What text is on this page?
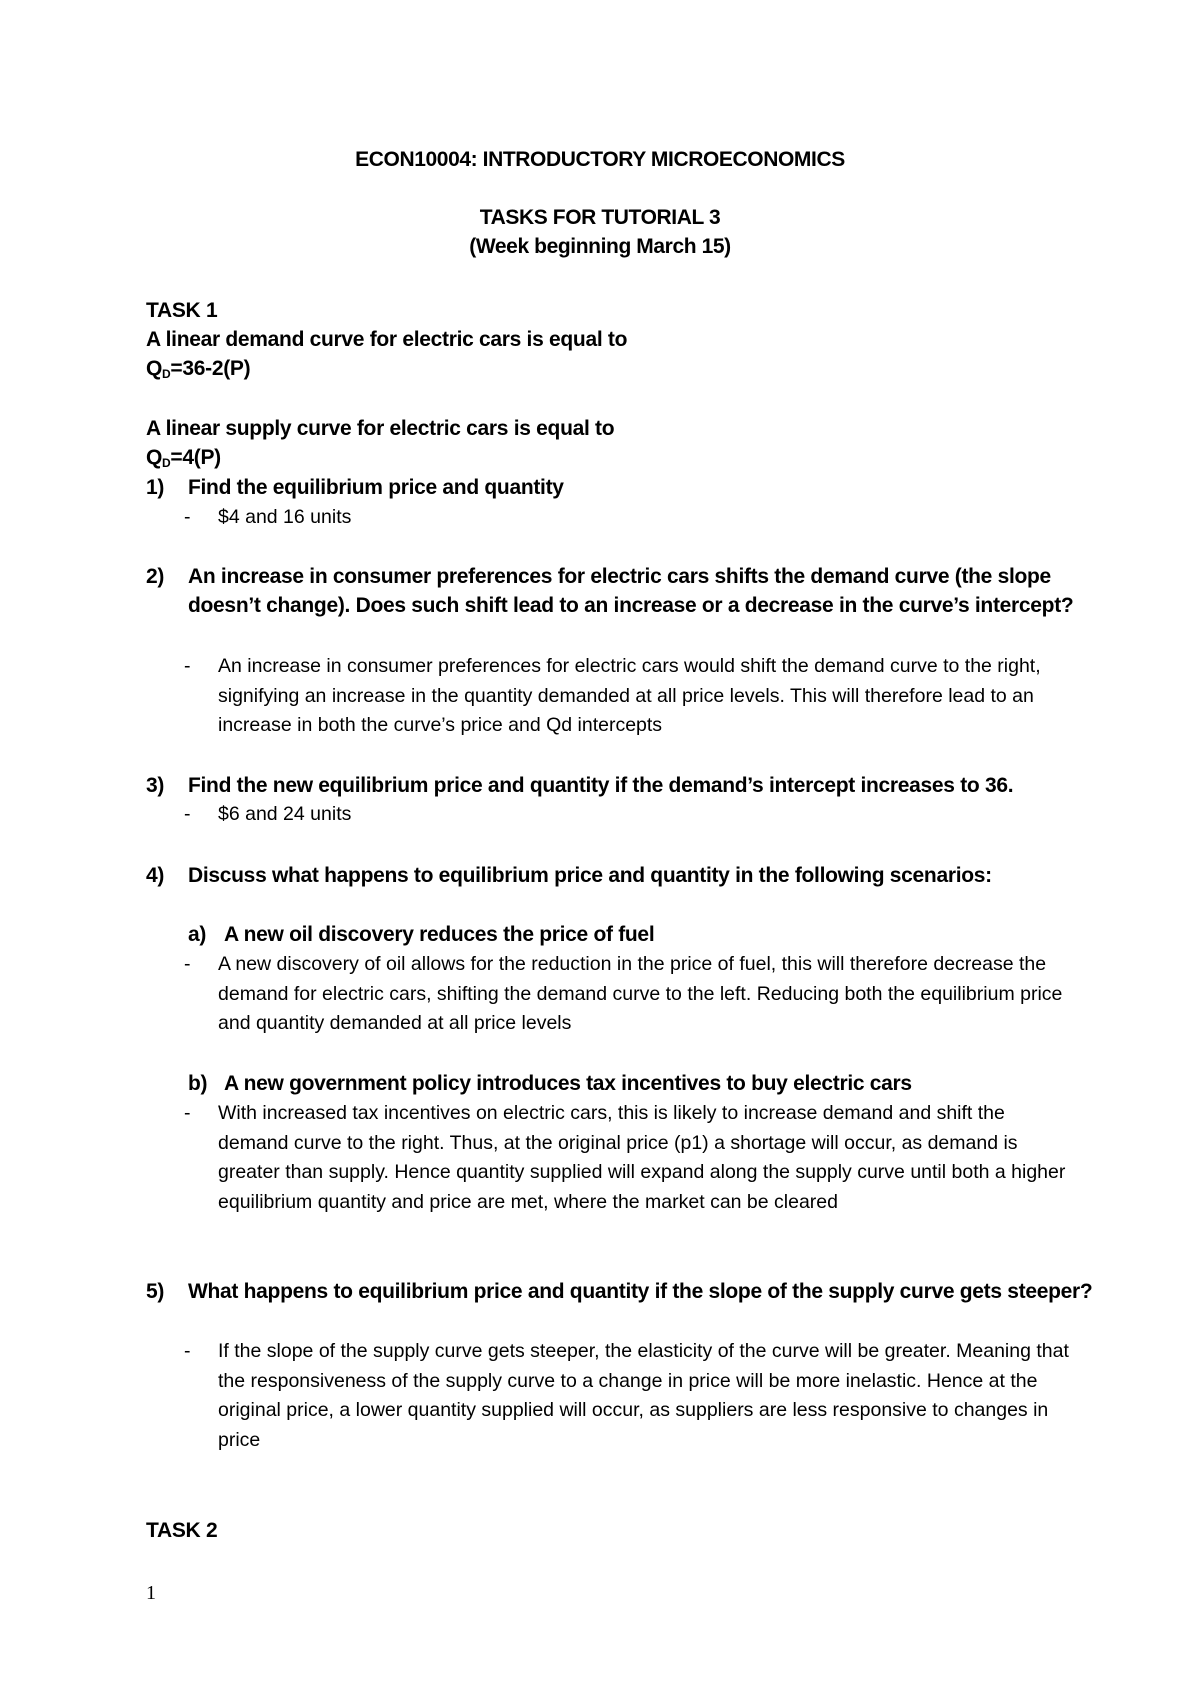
ECON10004: INTRODUCTORY MICROECONOMICS
TASKS FOR TUTORIAL 3
(Week beginning March 15)
TASK 1
A linear demand curve for electric cars is equal to
$Q_D=36-2(P)$
A linear supply curve for electric cars is equal to
$Q_D=4(P)$
1) Find the equilibrium price and quantity
- $4 and 16 units
2) An increase in consumer preferences for electric cars shifts the demand curve (the slope doesn’t change). Does such shift lead to an increase or a decrease in the curve’s intercept?
- An increase in consumer preferences for electric cars would shift the demand curve to the right, signifying an increase in the quantity demanded at all price levels. This will therefore lead to an increase in both the curve’s price and Qd intercepts
3) Find the new equilibrium price and quantity if the demand’s intercept increases to 36.
- $6 and 24 units
4) Discuss what happens to equilibrium price and quantity in the following scenarios:
a) A new oil discovery reduces the price of fuel
- A new discovery of oil allows for the reduction in the price of fuel, this will therefore decrease the demand for electric cars, shifting the demand curve to the left. Reducing both the equilibrium price and quantity demanded at all price levels
b) A new government policy introduces tax incentives to buy electric cars
- With increased tax incentives on electric cars, this is likely to increase demand and shift the demand curve to the right. Thus, at the original price (p1) a shortage will occur, as demand is greater than supply. Hence quantity supplied will expand along the supply curve until both a higher equilibrium quantity and price are met, where the market can be cleared
5) What happens to equilibrium price and quantity if the slope of the supply curve gets steeper?
- If the slope of the supply curve gets steeper, the elasticity of the curve will be greater. Meaning that the responsiveness of the supply curve to a change in price will be more inelastic. Hence at the original price, a lower quantity supplied will occur, as suppliers are less responsive to changes in price
TASK 2
1
